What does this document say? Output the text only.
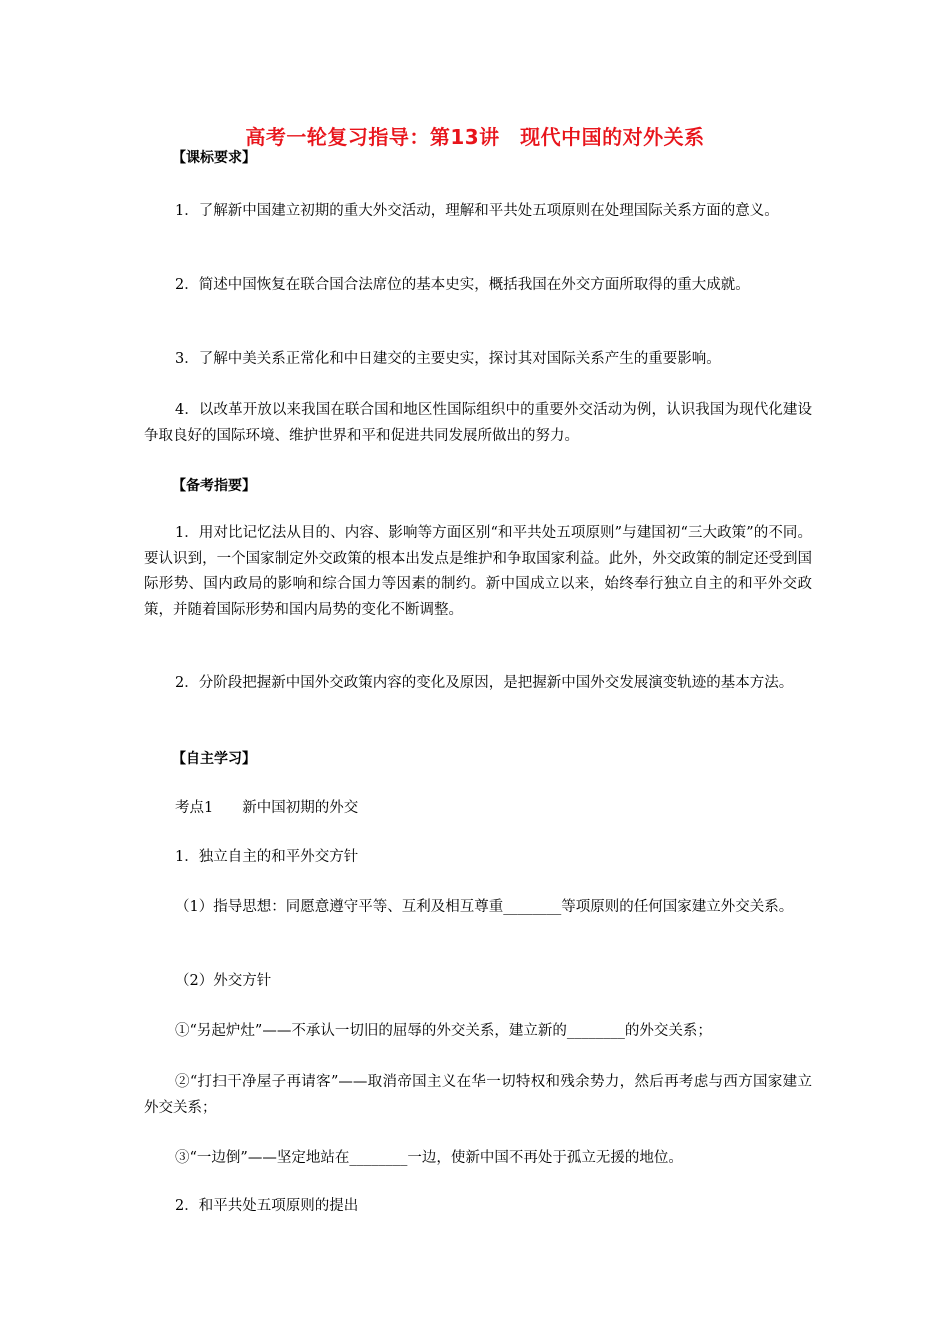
高考一轮复习指导：第13讲　现代中国的对外关系
【课标要求】
1．了解新中国建立初期的重大外交活动，理解和平共处五项原则在处理国际关系方面的意义。
2．简述中国恢复在联合国合法席位的基本史实，概括我国在外交方面所取得的重大成就。
3．了解中美关系正常化和中日建交的主要史实，探讨其对国际关系产生的重要影响。
4．以改革开放以来我国在联合国和地区性国际组织中的重要外交活动为例，认识我国为现代化建设争取良好的国际环境、维护世界和平和促进共同发展所做出的努力。
【备考指要】
1．用对比记忆法从目的、内容、影响等方面区别“和平共处五项原则”与建国初“三大政策”的不同。要认识到，一个国家制定外交政策的根本出发点是维护和争取国家利益。此外，外交政策的制定还受到国际形势、国内政局的影响和综合国力等因素的制约。新中国成立以来，始终奉行独立自主的和平外交政策，并随着国际形势和国内局势的变化不断调整。
2．分阶段把握新中国外交政策内容的变化及原因，是把握新中国外交发展演变轨迹的基本方法。
【自主学习】
考点1　　新中国初期的外交
1．独立自主的和平外交方针
（1）指导思想：同愿意遵守平等、互利及相互尊重________等项原则的任何国家建立外交关系。
（2）外交方针
①“另起炉灶”——不承认一切旧的屈辱的外交关系，建立新的________的外交关系；
②“打扫干净屋子再请客”——取消帝国主义在华一切特权和残余势力，然后再考虑与西方国家建立外交关系；
③“一边倒”——坚定地站在________一边，使新中国不再处于孤立无援的地位。
2．和平共处五项原则的提出
